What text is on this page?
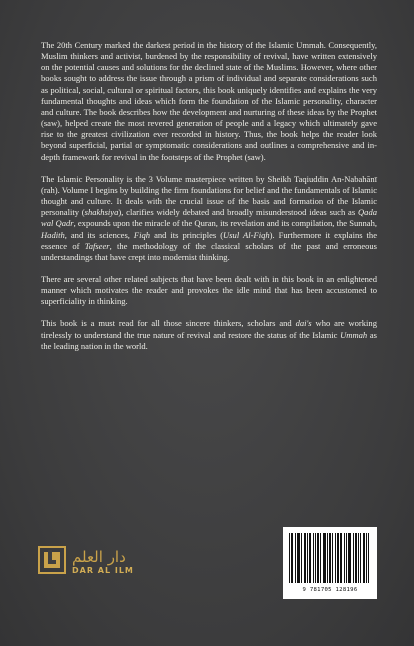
The 20th Century marked the darkest period in the history of the Islamic Ummah. Consequently, Muslim thinkers and activist, burdened by the responsibility of revival, have written extensively on the potential causes and solutions for the declined state of the Muslims. However, where other books sought to address the issue through a prism of individual and separate considerations such as political, social, cultural or spiritual factors, this book uniquely identifies and explains the very fundamental thoughts and ideas which form the foundation of the Islamic personality, character and culture. The book describes how the development and nurturing of these ideas by the Prophet (saw), helped create the most revered generation of people and a legacy which ultimately gave rise to the greatest civilization ever recorded in history. Thus, the book helps the reader look beyond superficial, partial or symptomatic considerations and outlines a comprehensive and in-depth framework for revival in the footsteps of the Prophet (saw).

The Islamic Personality is the 3 Volume masterpiece written by Sheikh Taqiuddin An-Nabahānī (rah). Volume I begins by building the firm foundations for belief and the fundamentals of Islamic thought and culture. It deals with the crucial issue of the basis and formation of the Islamic personality (shakhsiya), clarifies widely debated and broadly misunderstood ideas such as Qada wal Qadr, expounds upon the miracle of the Quran, its revelation and its compilation, the Sunnah, Hadith, and its sciences, Fiqh and its principles (Usul Al-Fiqh). Furthermore it explains the essence of Tafseer, the methodology of the classical scholars of the past and erroneous understandings that have crept into modernist thinking.

There are several other related subjects that have been dealt with in this book in an enlightened manner which motivates the reader and provokes the idle mind that has been accustomed to superficiality in thinking.

This book is a must read for all those sincere thinkers, scholars and dai's who are working tirelessly to understand the true nature of revival and restore the status of the Islamic Ummah as the leading nation in the world.

دار العلم
DAR AL ILM
9 781705 128196
